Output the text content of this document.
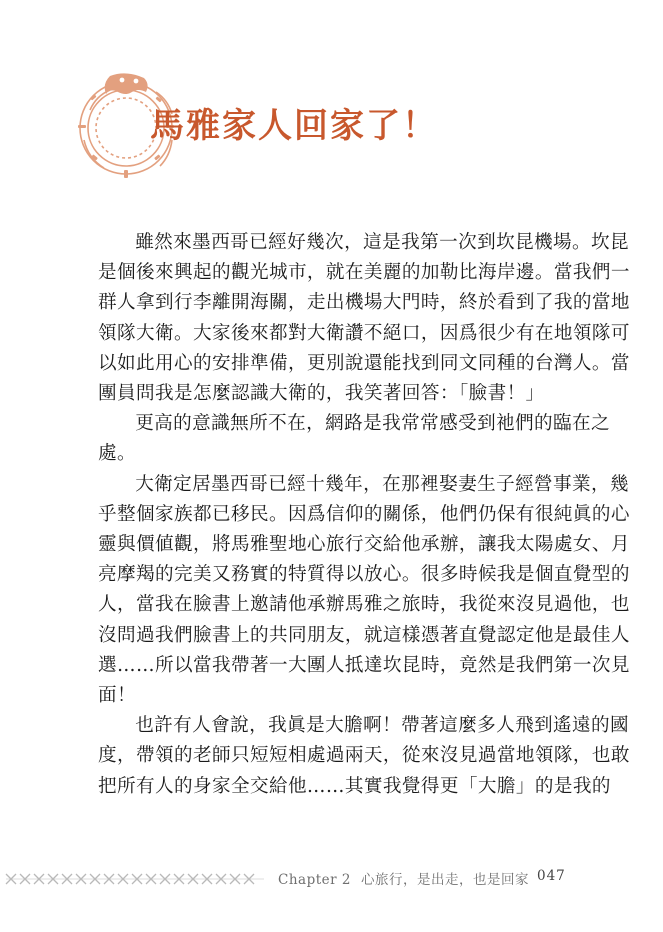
馬雅家人回家了！

雖然來墨西哥已經好幾次，這是我第一次到坎昆機場。坎昆
是個後來興起的觀光城市，就在美麗的加勒比海岸邊。當我們一
群人拿到行李離開海關，走出機場大門時，終於看到了我的當地
領隊大衛。大家後來都對大衛讚不絕口，因爲很少有在地領隊可
以如此用心的安排準備，更別說還能找到同文同種的台灣人。當
團員問我是怎麼認識大衛的，我笑著回答：「臉書！」

更高的意識無所不在，網路是我常常感受到祂們的臨在之
處。

大衛定居墨西哥已經十幾年，在那裡娶妻生子經營事業，幾
乎整個家族都已移民。因爲信仰的關係，他們仍保有很純眞的心
靈與價値觀，將馬雅聖地心旅行交給他承辦，讓我太陽處女、月
亮摩羯的完美又務實的特質得以放心。很多時候我是個直覺型的
人，當我在臉書上邀請他承辦馬雅之旅時，我從來沒見過他，也
沒問過我們臉書上的共同朋友，就這樣憑著直覺認定他是最佳人
選……所以當我帶著一大團人抵達坎昆時，竟然是我們第一次見
面！

也許有人會說，我眞是大膽啊！帶著這麼多人飛到遙遠的國
度，帶領的老師只短短相處過兩天，從來沒見過當地領隊，也敢
把所有人的身家全交給他……其實我覺得更「大膽」的是我的

Chapter 2 心旅行，是出走，也是回家 047
